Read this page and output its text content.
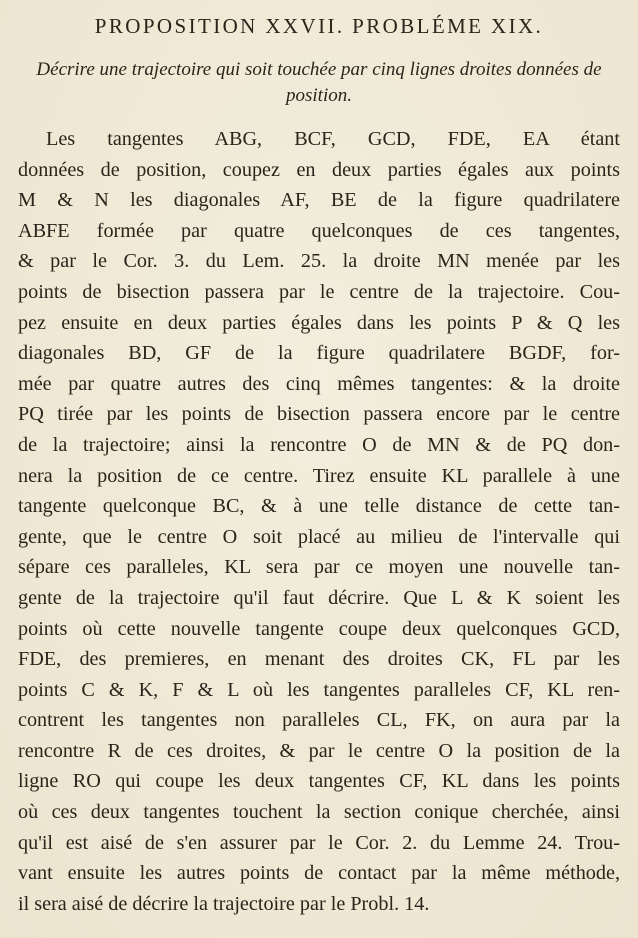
PROPOSITION XXVII. PROBLÉME XIX.
Décrire une trajectoire qui soit touchée par cinq lignes droites données de position.
Les tangentes ABG, BCF, GCD, FDE, EA étant
données de position, coupez en deux parties égales aux points
M & N les diagonales AF, BE de la figure quadrilatere
ABFE formée par quatre quelconques de ces tangentes,
& par le Cor. 3. du Lem. 25. la droite MN menée par les
points de bisection passera par le centre de la trajectoire. Cou-
pez ensuite en deux parties égales dans les points P & Q les
diagonales BD, GF de la figure quadrilatere BGDF, for-
mée par quatre autres des cinq mêmes tangentes: & la droite
PQ tirée par les points de bisection passera encore par le centre
de la trajectoire; ainsi la rencontre O de MN & de PQ don-
nera la position de ce centre. Tirez ensuite KL parallele à une
tangente quelconque BC, & à une telle distance de cette tan-
gente, que le centre O soit placé au milieu de l'intervalle qui
sépare ces paralleles, KL sera par ce moyen une nouvelle tan-
gente de la trajectoire qu'il faut décrire. Que L & K soient les
points où cette nouvelle tangente coupe deux quelconques GCD,
FDE, des premieres, en menant des droites CK, FL par les
points C & K, F & L où les tangentes paralleles CF, KL ren-
contrent les tangentes non paralleles CL, FK, on aura par la
rencontre R de ces droites, & par le centre O la position de la
ligne RO qui coupe les deux tangentes CF, KL dans les points
où ces deux tangentes touchent la section conique cherchée, ainsi
qu'il est aisé de s'en assurer par le Cor. 2. du Lemme 24. Trou-
vant ensuite les autres points de contact par la même méthode,
il sera aisé de décrire la trajectoire par le Probl. 14.
